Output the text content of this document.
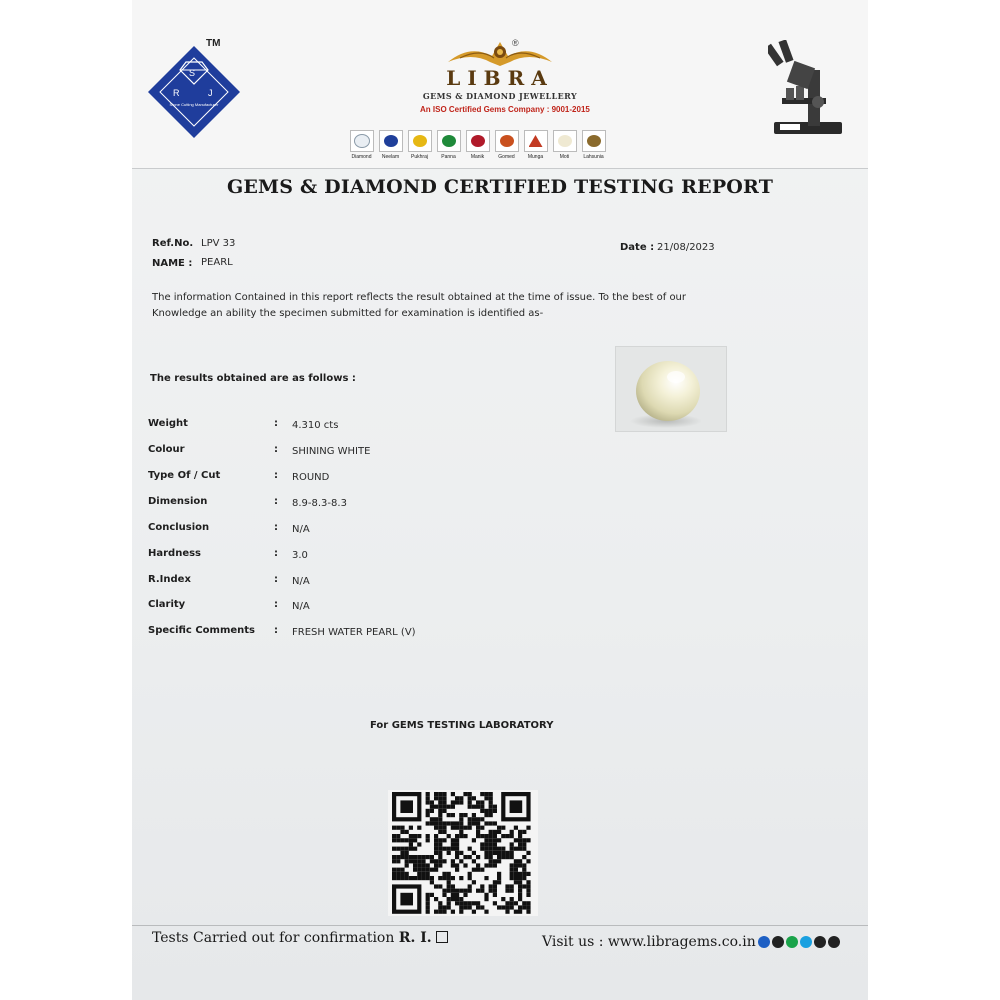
S
R	J
Stone Cutting Manufacturer
TM
LIBRA
GEMS & DIAMOND JEWELLERY
An ISO Certified Gems Company : 9001-2015
®
Diamond	Neelam	Pukhraj	Panna	Manik	Gomed	Munga	Moti	Lahsunia
GEMS & DIAMOND CERTIFIED TESTING REPORT
Ref.No. LPV 33
NAME : PEARL
Date : 21/08/2023

The information Contained in this report reflects the result obtained at the time of issue. To the best of our

Knowledge an ability the specimen submitted for examination is identified as-

The results obtained are as follows :
Weight	: 4.310 cts
Colour	: SHINING WHITE
Type Of / Cut	: ROUND
Dimension	: 8.9-8.3-8.3
Conclusion	: N/A
Hardness	: 3.0
R.Index	: N/A
Clarity	: N/A
Specific Comments : FRESH WATER PEARL (V)
For GEMS TESTING LABORATORY
Tests Carried out for confirmation R. I.	Visit us : www.libragems.co.in
